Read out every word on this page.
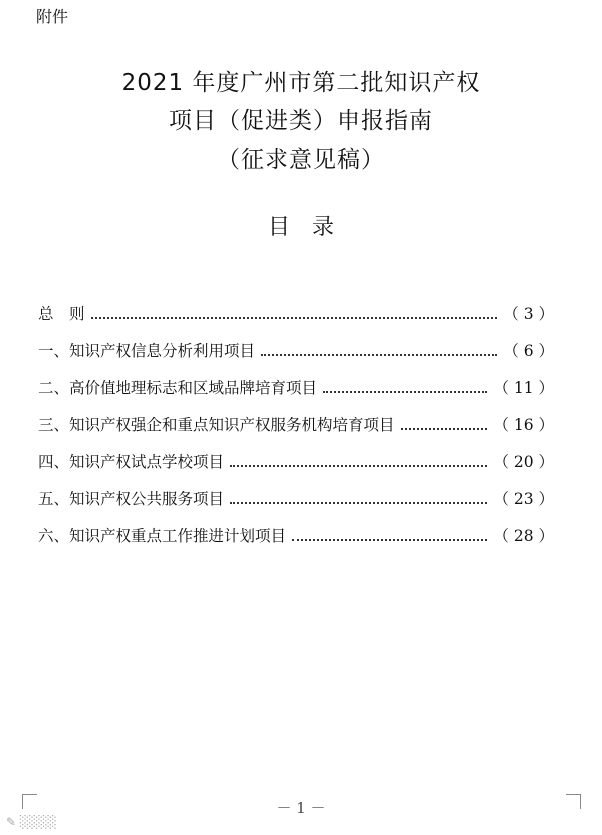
附件
2021 年度广州市第二批知识产权
项目（促进类）申报指南
（征求意见稿）
目　录
总　则	（ 3 ）
一、知识产权信息分析利用项目	（ 6 ）
二、高价值地理标志和区域品牌培育项目	（ 11 ）
三、知识产权强企和重点知识产权服务机构培育项目	（ 16 ）
四、知识产权试点学校项目	（ 20 ）
五、知识产权公共服务项目	（ 23 ）
六、知识产权重点工作推进计划项目	（ 28 ）
－ 1 －
✎ ░░░░
